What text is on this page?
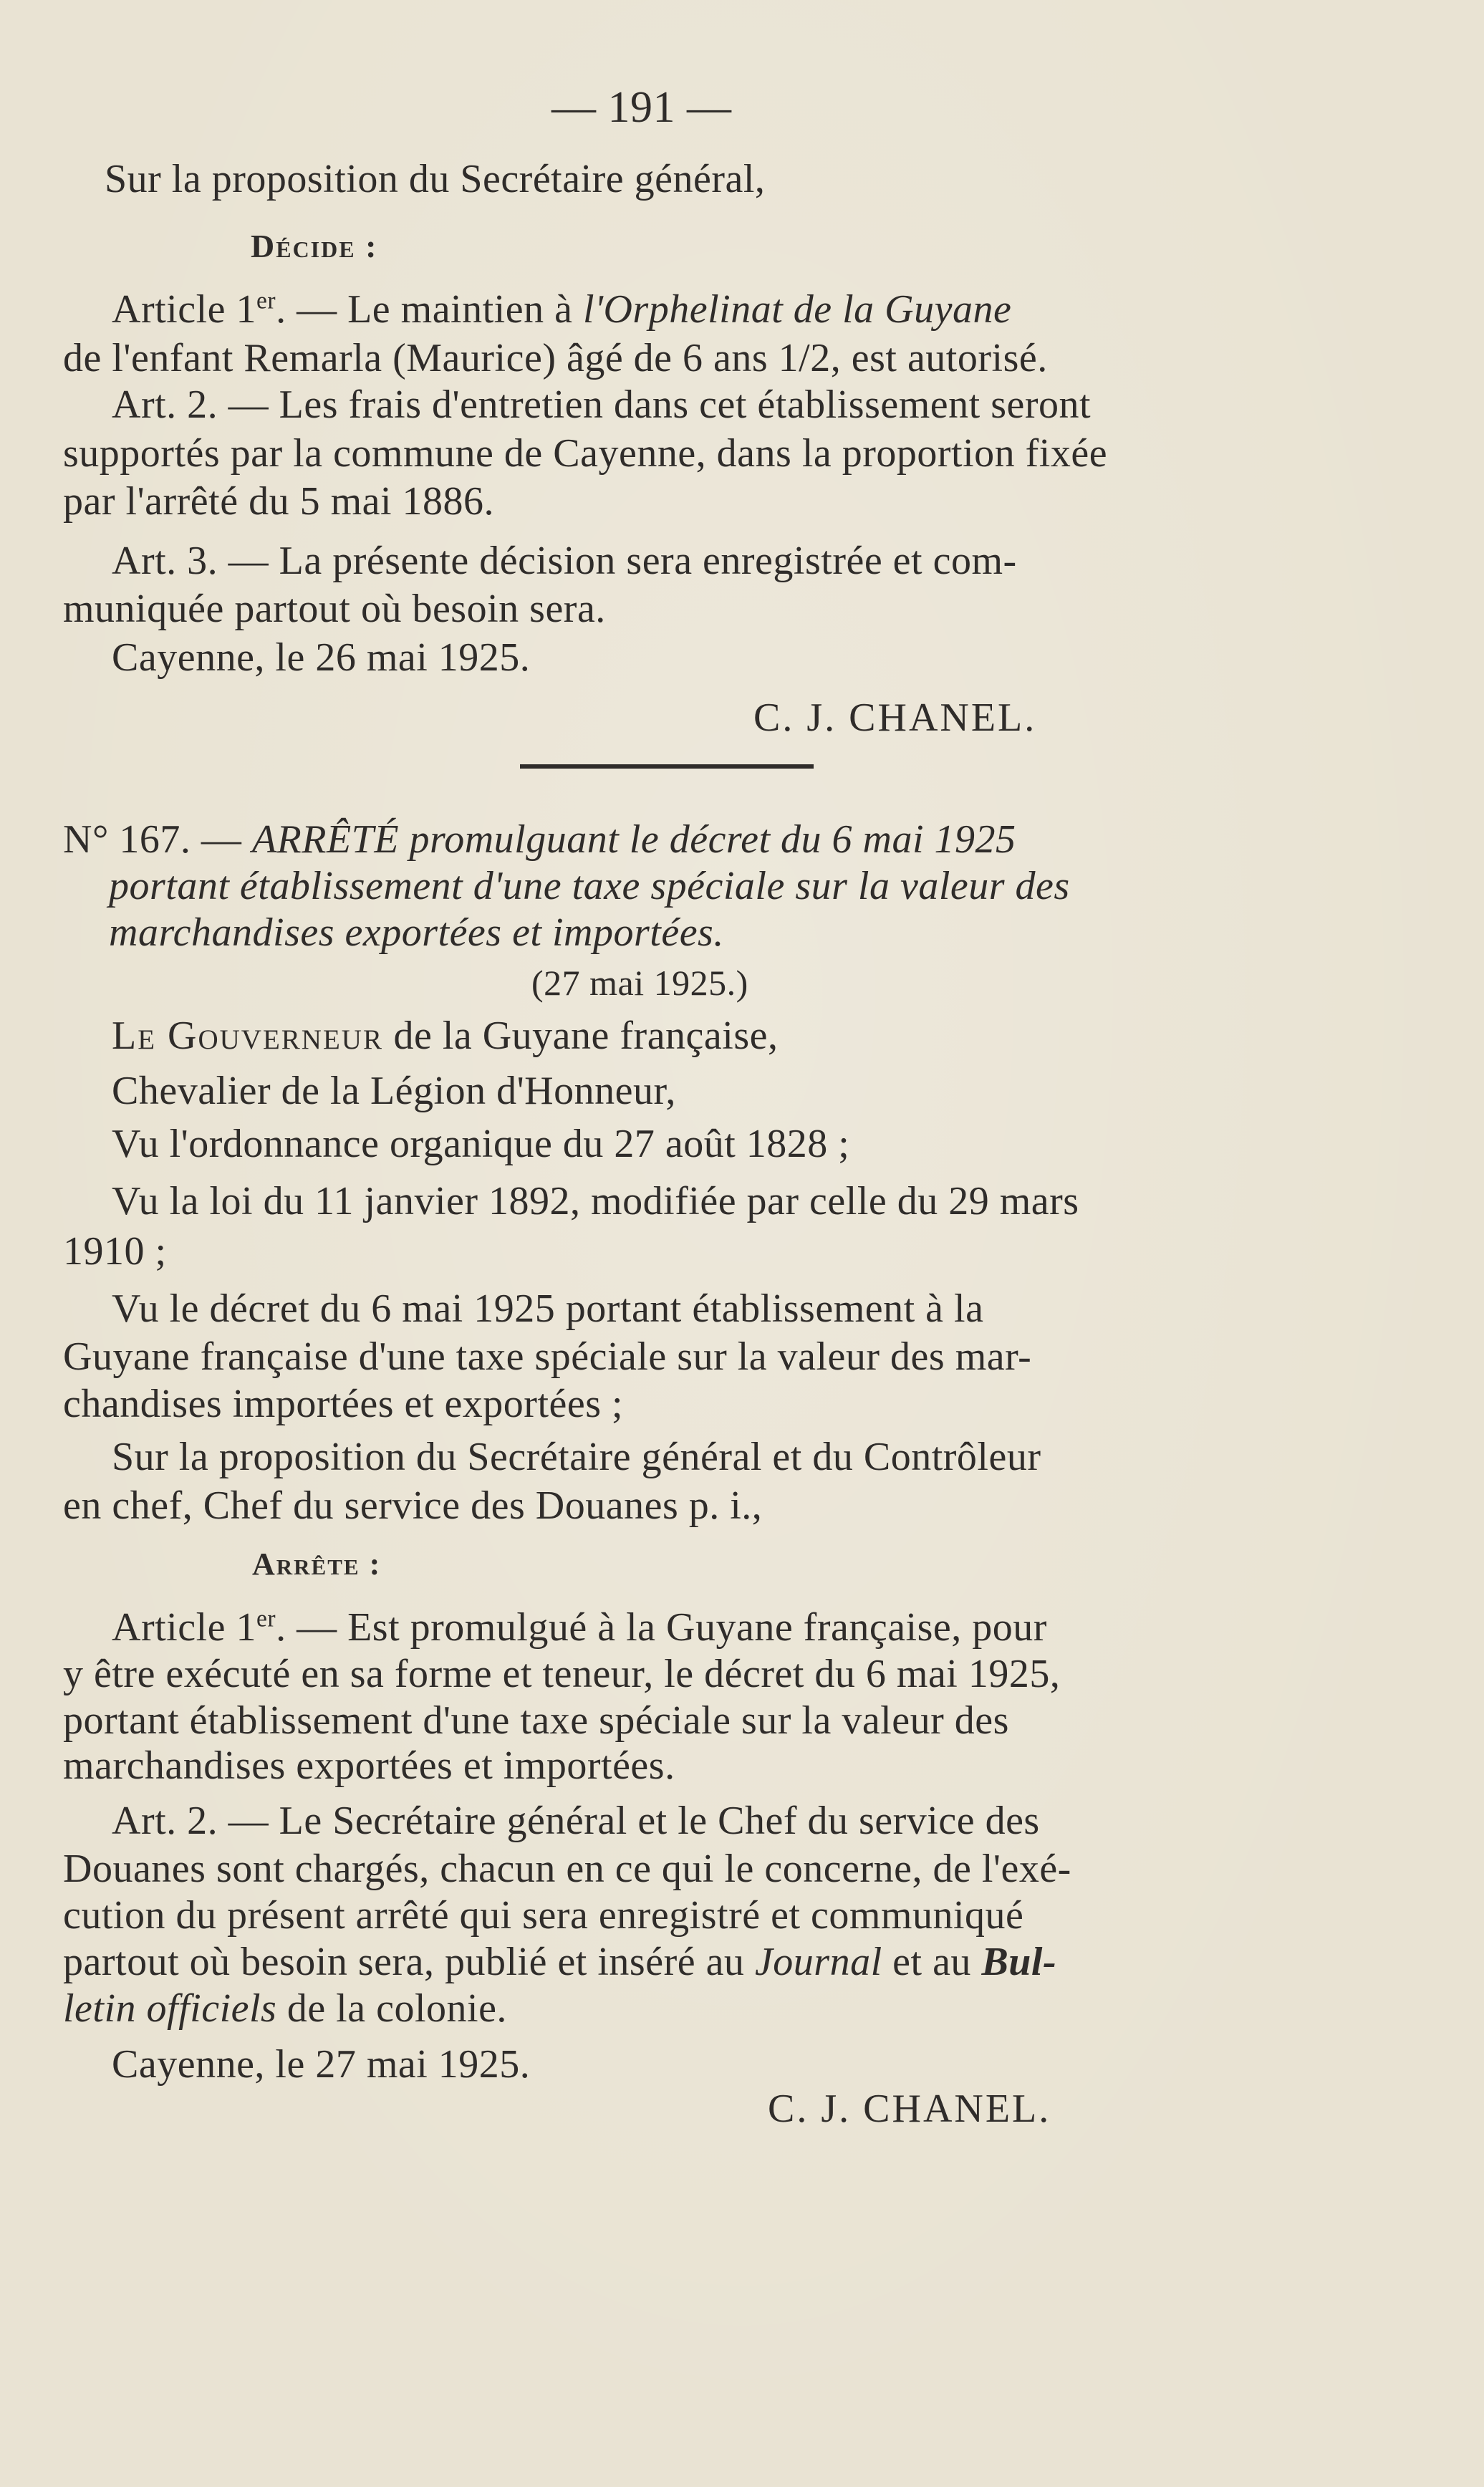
— 191 —
Sur la proposition du Secrétaire général,
Décide :
Article 1er. — Le maintien à l'Orphelinat de la Guyane
de l'enfant Remarla (Maurice) âgé de 6 ans 1/2, est autorisé.
Art. 2. — Les frais d'entretien dans cet établissement seront
supportés par la commune de Cayenne, dans la proportion fixée
par l'arrêté du 5 mai 1886.
Art. 3. — La présente décision sera enregistrée et com-
muniquée partout où besoin sera.
Cayenne, le 26 mai 1925.
C. J. CHANEL.
N° 167. — ARRÊTÉ promulguant le décret du 6 mai 1925
portant établissement d'une taxe spéciale sur la valeur des
marchandises exportées et importées.
(27 mai 1925.)
Le Gouverneur de la Guyane française,
Chevalier de la Légion d'Honneur,
Vu l'ordonnance organique du 27 août 1828 ;
Vu la loi du 11 janvier 1892, modifiée par celle du 29 mars
1910 ;
Vu le décret du 6 mai 1925 portant établissement à la
Guyane française d'une taxe spéciale sur la valeur des mar-
chandises importées et exportées ;
Sur la proposition du Secrétaire général et du Contrôleur
en chef, Chef du service des Douanes p. i.,
Arrête :
Article 1er. — Est promulgué à la Guyane française, pour
y être exécuté en sa forme et teneur, le décret du 6 mai 1925,
portant établissement d'une taxe spéciale sur la valeur des
marchandises exportées et importées.
Art. 2. — Le Secrétaire général et le Chef du service des
Douanes sont chargés, chacun en ce qui le concerne, de l'exé-
cution du présent arrêté qui sera enregistré et communiqué
partout où besoin sera, publié et inséré au Journal et au Bul-
letin officiels de la colonie.
Cayenne, le 27 mai 1925.
C. J. CHANEL.
